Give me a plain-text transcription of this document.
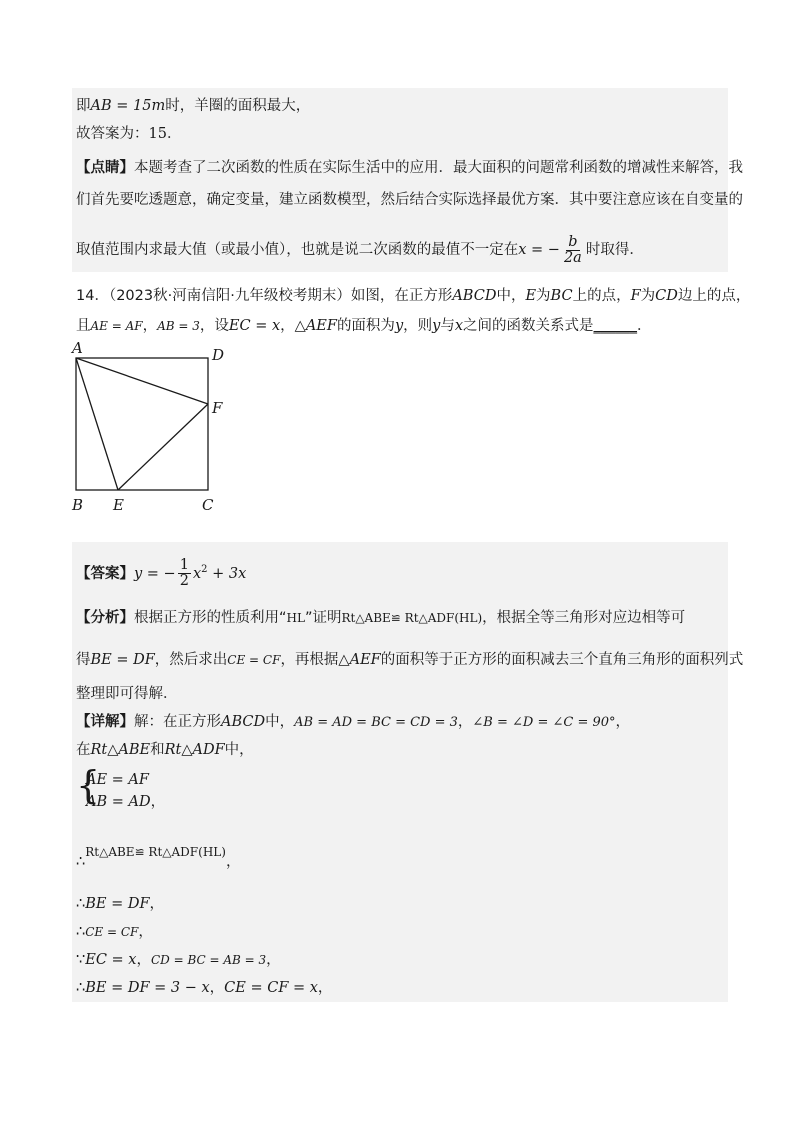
即AB = 15m时，羊圈的面积最大，
故答案为：15．
【点睛】本题考查了二次函数的性质在实际生活中的应用．最大面积的问题常利函数的增减性来解答，我
们首先要吃透题意，确定变量，建立函数模型，然后结合实际选择最优方案．其中要注意应该在自变量的
取值范围内求最大值（或最小值），也就是说二次函数的最值不一定在x = − $\frac{b}{2a}$ 时取得．
14．（2023秋·河南信阳·九年级校考期末）如图，在正方形ABCD中，E为BC上的点，F为CD边上的点，
且AE = AF，AB = 3，设EC = x，△AEF的面积为y，则y与x之间的函数关系式是______．
A	D
F
B E	C
【答案】y = − $\frac{1}{2} x^2 + 3x$
【分析】根据正方形的性质利用“HL”证明Rt△ABE≌ Rt△ADF(HL)，根据全等三角形对应边相等可
得BE = DF，然后求出CE = CF，再根据△AEF的面积等于正方形的面积减去三个直角三角形的面积列式
整理即可得解．
【详解】解：在正方形ABCD中，AB = AD = BC = CD = 3，∠B = ∠D = ∠C = 90°，
在Rt△ABE和Rt△ADF中，
{
AE = AF
AB = AD，
∴$^{Rt\triangle ABE≌ Rt\triangle ADF(HL)}$，
∴BE = DF，
∴CE = CF，
∵EC = x，CD = BC = AB = 3，
∴BE = DF = 3 − x，CE = CF = x，
